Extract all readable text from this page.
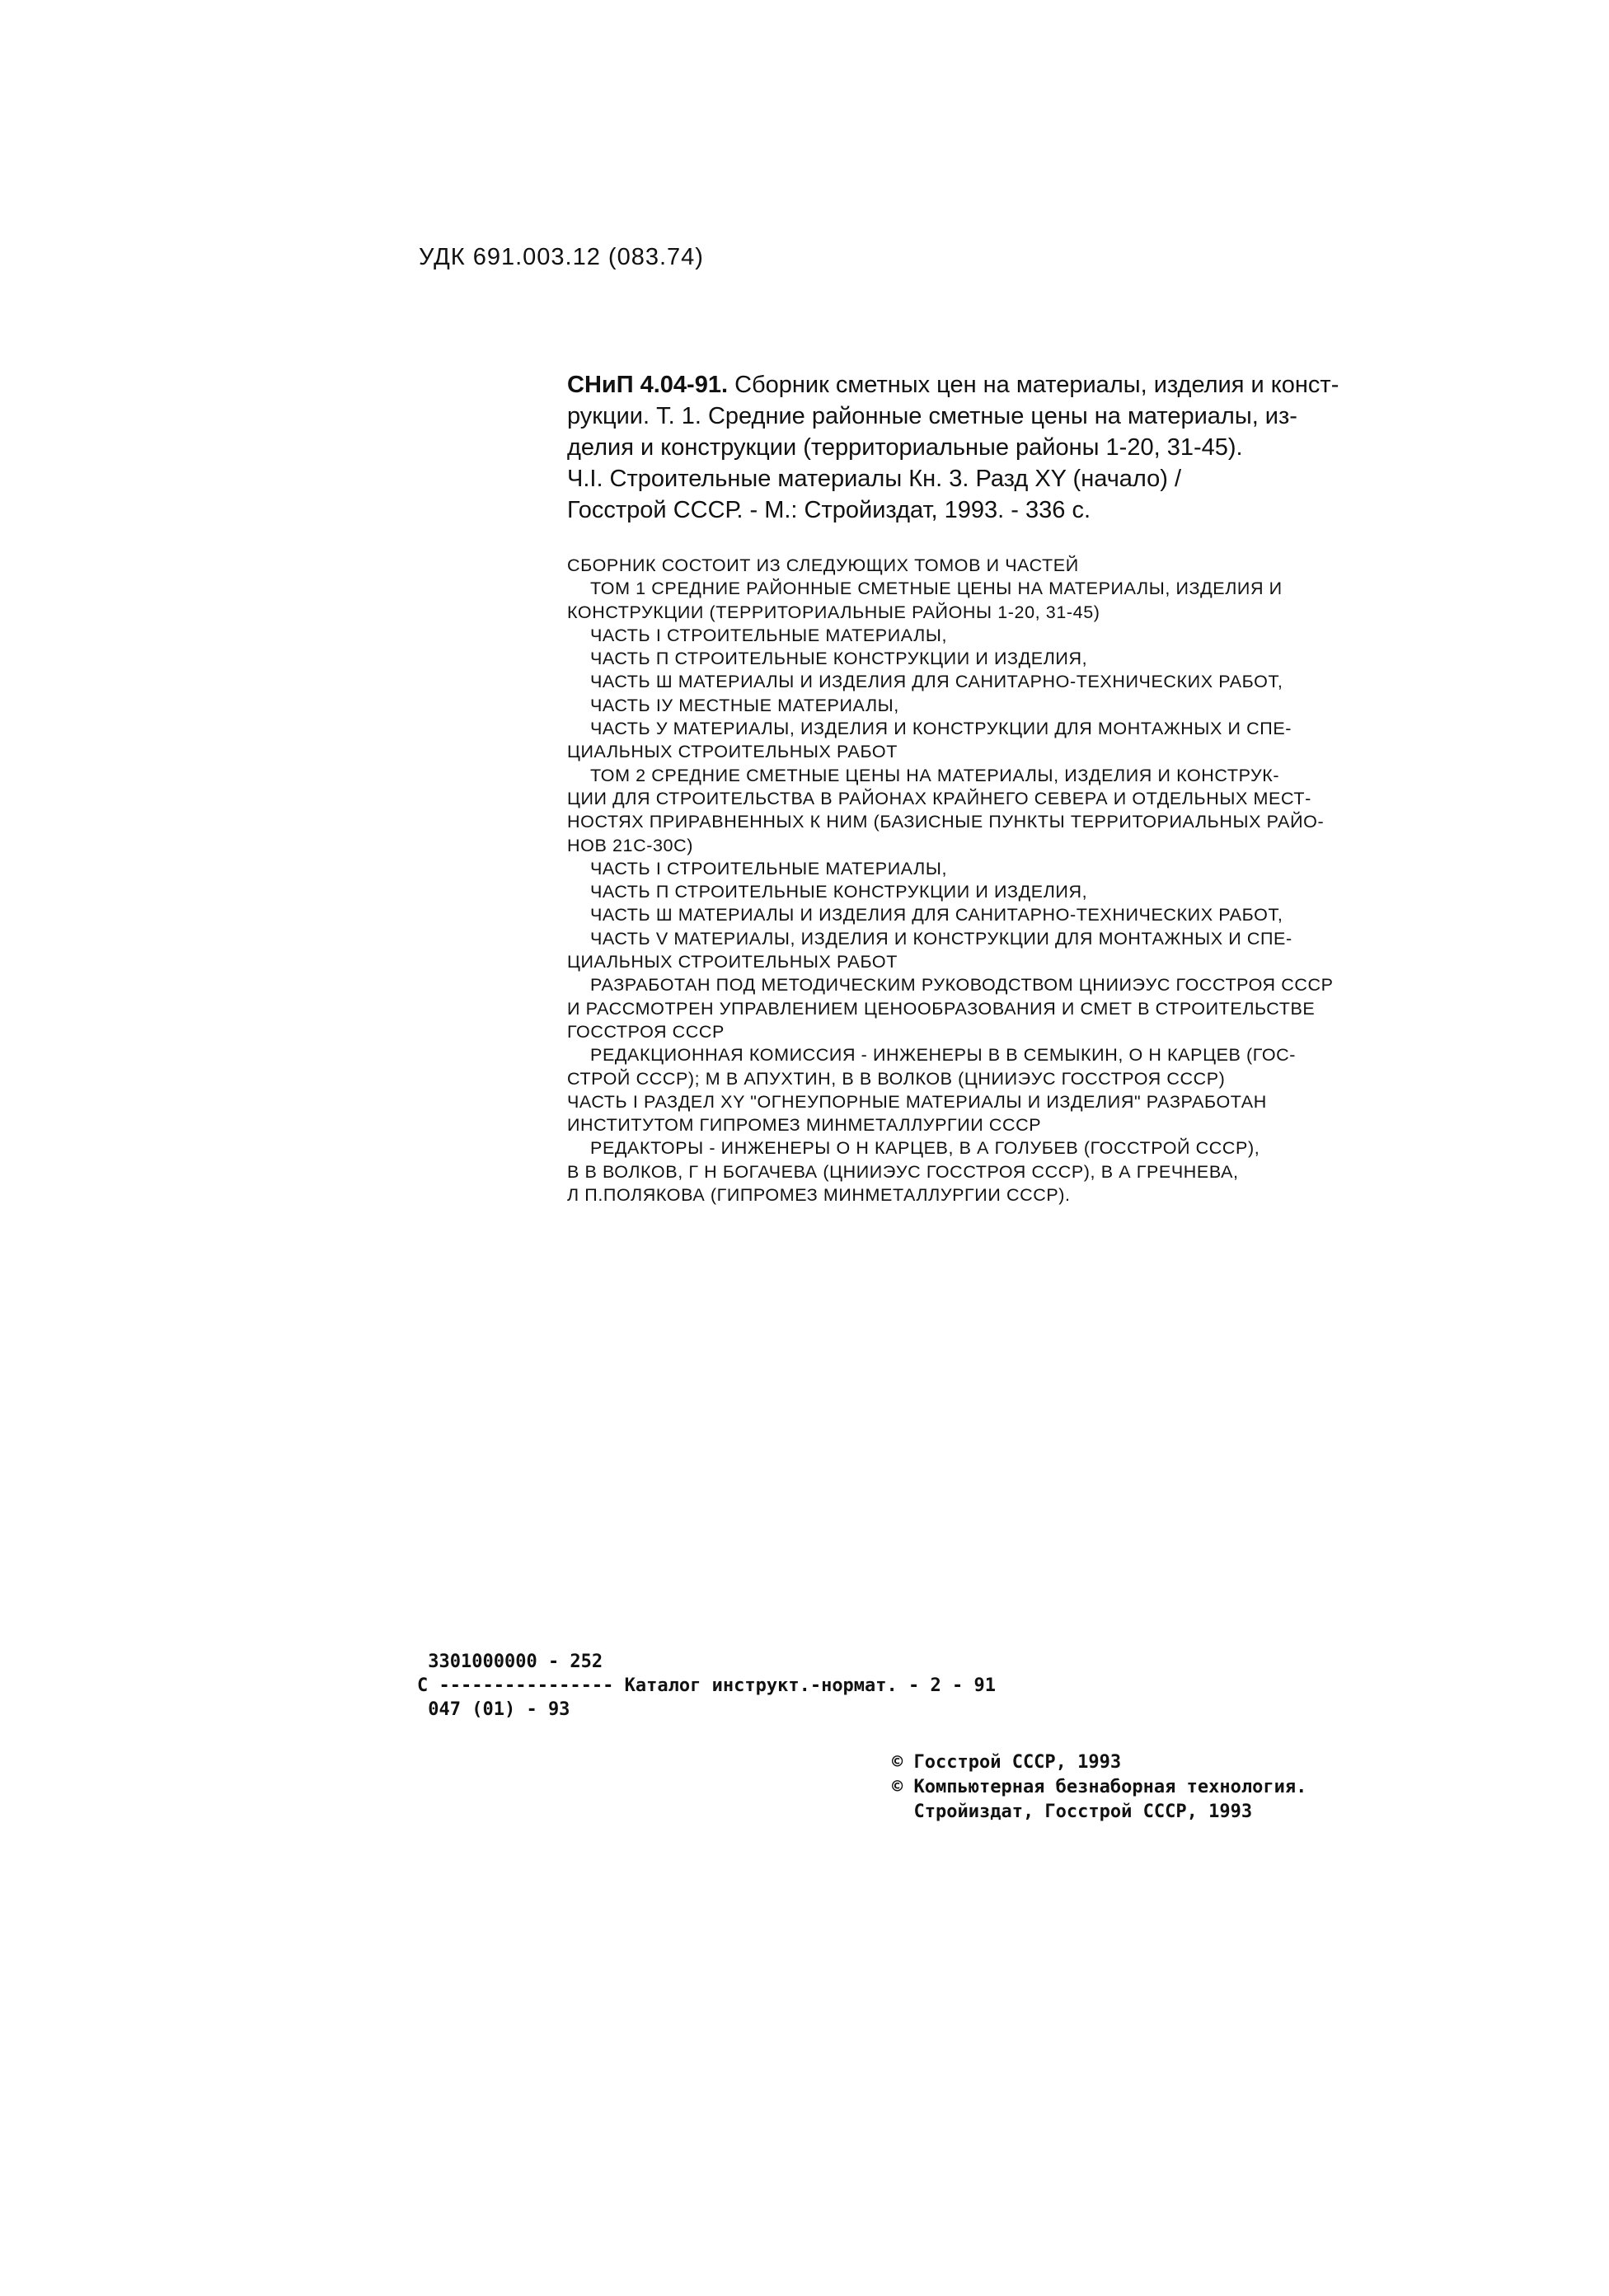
УДК 691.003.12 (083.74)
СНиП 4.04-91. Сборник сметных цен на материалы, изделия и конст-
рукции. Т. 1. Средние районные сметные цены на материалы, из-
делия и конструкции (территориальные районы 1-20, 31-45).
Ч.I. Строительные материалы Кн. 3. Разд XY (начало) /
Госстрой СССР. - М.: Стройиздат, 1993. - 336 с.
СБОРНИК СОСТОИТ ИЗ СЛЕДУЮЩИХ ТОМОВ И ЧАСТЕЙ
ТОМ 1 СРЕДНИЕ РАЙОННЫЕ СМЕТНЫЕ ЦЕНЫ НА МАТЕРИАЛЫ, ИЗДЕЛИЯ И
КОНСТРУКЦИИ (ТЕРРИТОРИАЛЬНЫЕ РАЙОНЫ 1-20, 31-45)
ЧАСТЬ I СТРОИТЕЛЬНЫЕ МАТЕРИАЛЫ,
ЧАСТЬ П СТРОИТЕЛЬНЫЕ КОНСТРУКЦИИ И ИЗДЕЛИЯ,
ЧАСТЬ Ш МАТЕРИАЛЫ И ИЗДЕЛИЯ ДЛЯ САНИТАРНО-ТЕХНИЧЕСКИХ РАБОТ,
ЧАСТЬ IУ МЕСТНЫЕ МАТЕРИАЛЫ,
ЧАСТЬ У МАТЕРИАЛЫ, ИЗДЕЛИЯ И КОНСТРУКЦИИ ДЛЯ МОНТАЖНЫХ И СПЕ-
ЦИАЛЬНЫХ СТРОИТЕЛЬНЫХ РАБОТ
ТОМ 2 СРЕДНИЕ СМЕТНЫЕ ЦЕНЫ НА МАТЕРИАЛЫ, ИЗДЕЛИЯ И КОНСТРУК-
ЦИИ ДЛЯ СТРОИТЕЛЬСТВА В РАЙОНАХ КРАЙНЕГО СЕВЕРА И ОТДЕЛЬНЫХ МЕСТ-
НОСТЯХ ПРИРАВНЕННЫХ К НИМ (БАЗИСНЫЕ ПУНКТЫ ТЕРРИТОРИАЛЬНЫХ РАЙО-
НОВ 21С-30С)
ЧАСТЬ I СТРОИТЕЛЬНЫЕ МАТЕРИАЛЫ,
ЧАСТЬ П СТРОИТЕЛЬНЫЕ КОНСТРУКЦИИ И ИЗДЕЛИЯ,
ЧАСТЬ Ш МАТЕРИАЛЫ И ИЗДЕЛИЯ ДЛЯ САНИТАРНО-ТЕХНИЧЕСКИХ РАБОТ,
ЧАСТЬ V МАТЕРИАЛЫ, ИЗДЕЛИЯ И КОНСТРУКЦИИ ДЛЯ МОНТАЖНЫХ И СПЕ-
ЦИАЛЬНЫХ СТРОИТЕЛЬНЫХ РАБОТ
РАЗРАБОТАН ПОД МЕТОДИЧЕСКИМ РУКОВОДСТВОМ ЦНИИЭУС ГОССТРОЯ СССР
И РАССМОТРЕН УПРАВЛЕНИЕМ ЦЕНООБРАЗОВАНИЯ И СМЕТ В СТРОИТЕЛЬСТВЕ
ГОССТРОЯ СССР
РЕДАКЦИОННАЯ КОМИССИЯ - ИНЖЕНЕРЫ В В СЕМЫКИН, О Н КАРЦЕВ (ГОС-
СТРОЙ СССР); М В АПУХТИН, В В ВОЛКОВ (ЦНИИЭУС ГОССТРОЯ СССР)
ЧАСТЬ I РАЗДЕЛ XY "ОГНЕУПОРНЫЕ МАТЕРИАЛЫ И ИЗДЕЛИЯ" РАЗРАБОТАН
ИНСТИТУТОМ ГИПРОМЕЗ МИНМЕТАЛЛУРГИИ СССР
РЕДАКТОРЫ - ИНЖЕНЕРЫ О Н КАРЦЕВ, В А ГОЛУБЕВ (ГОССТРОЙ СССР),
В В ВОЛКОВ, Г Н БОГАЧЕВА (ЦНИИЭУС ГОССТРОЯ СССР), В А ГРЕЧНЕВА,
Л П.ПОЛЯКОВА (ГИПРОМЕЗ МИНМЕТАЛЛУРГИИ СССР).
3301000000 - 252
С ---------------- Каталог инструкт.-нормат. - 2 - 91
047 (01) - 93
© Госстрой СССР, 1993
© Компьютерная безнаборная технология.
Стройиздат, Госстрой СССР, 1993
